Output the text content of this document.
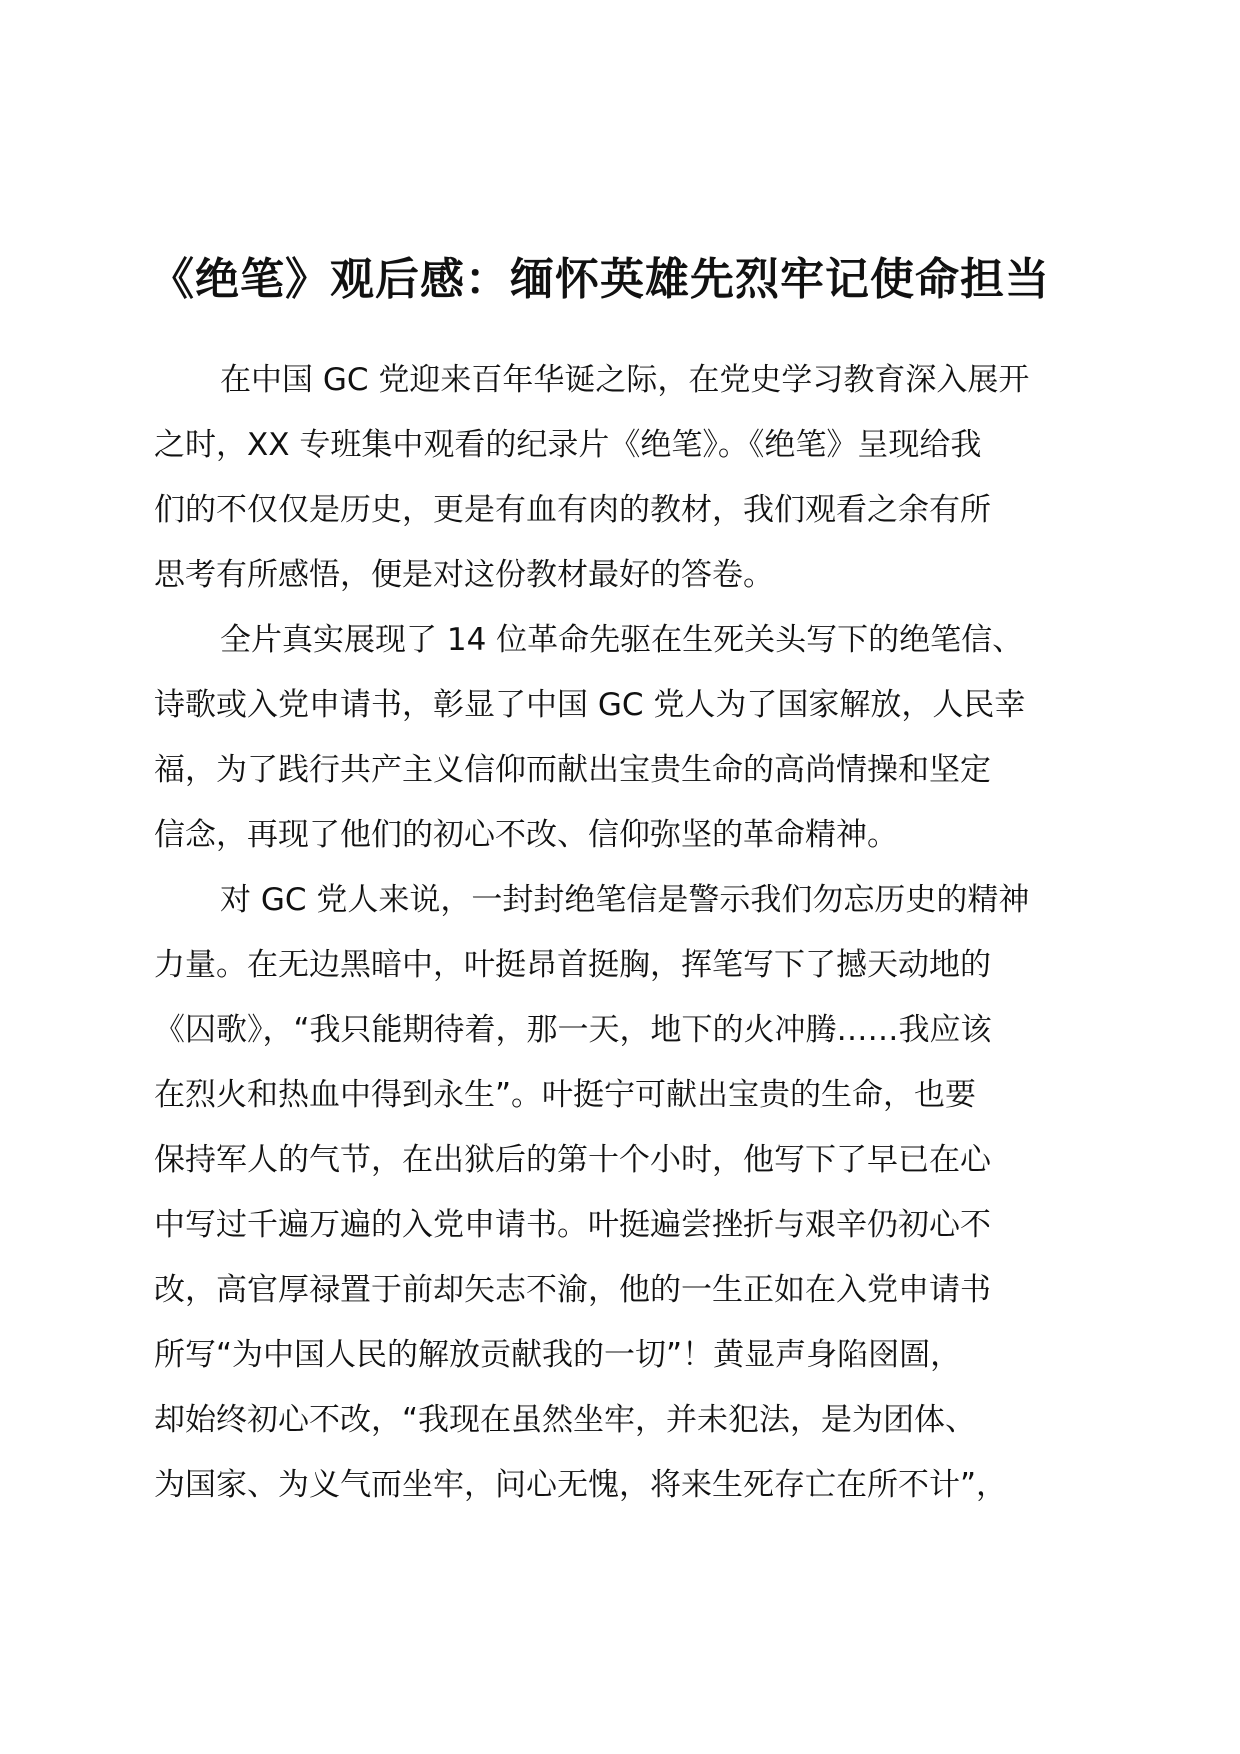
《绝笔》观后感：缅怀英雄先烈牢记使命担当

在中国 GC 党迎来百年华诞之际，在党史学习教育深入展开
之时，XX 专班集中观看的纪录片《绝笔》。《绝笔》呈现给我
们的不仅仅是历史，更是有血有肉的教材，我们观看之余有所
思考有所感悟，便是对这份教材最好的答卷。

全片真实展现了 14 位革命先驱在生死关头写下的绝笔信、
诗歌或入党申请书，彰显了中国 GC 党人为了国家解放，人民幸
福，为了践行共产主义信仰而献出宝贵生命的高尚情操和坚定
信念，再现了他们的初心不改、信仰弥坚的革命精神。

对 GC 党人来说，一封封绝笔信是警示我们勿忘历史的精神
力量。在无边黑暗中，叶挺昂首挺胸，挥笔写下了撼天动地的
《囚歌》，“我只能期待着，那一天，地下的火冲腾……我应该
在烈火和热血中得到永生”。叶挺宁可献出宝贵的生命，也要
保持军人的气节，在出狱后的第十个小时，他写下了早已在心
中写过千遍万遍的入党申请书。叶挺遍尝挫折与艰辛仍初心不
改，高官厚禄置于前却矢志不渝，他的一生正如在入党申请书
所写“为中国人民的解放贡献我的一切”！黄显声身陷囹圄，
却始终初心不改，“我现在虽然坐牢，并未犯法，是为团体、
为国家、为义气而坐牢，问心无愧，将来生死存亡在所不计”，
